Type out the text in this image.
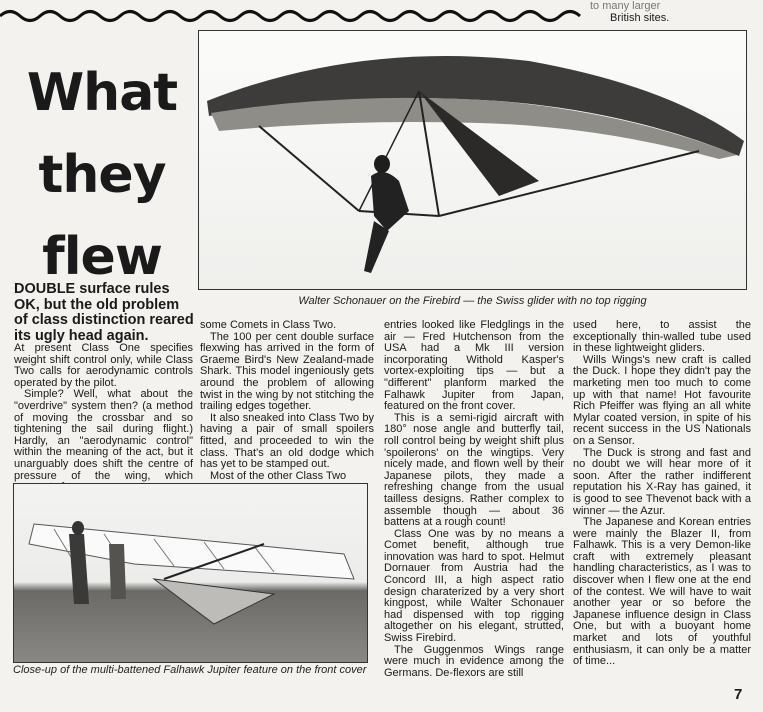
to many larger
British sites.
What
they
flew
Walter Schonauer on the Firebird — the Swiss glider with no top rigging
DOUBLE surface rules OK, but the old problem of class distinction reared its ugly head again.

At present Class One specifies weight shift control only, while Class Two calls for aerodynamic controls operated by the pilot.

Simple? Well, what about the "overdrive" system then? (a method of moving the crossbar and so tightening the sail during flight.) Hardly, an "aerodynamic control" within the meaning of the act, but it unarguably does shift the centre of pressure of the wing, which

some Comets in Class Two.

The 100 per cent double surface flexwing has arrived in the form of Graeme Bird's New Zealand-made Shark. This model ingeniously gets around the problem of allowing twist in the wing by not stitching the trailing edges together.

It also sneaked into Class Two by having a pair of small spoilers fitted, and proceeded to win the class. That's an old dodge which has yet to be stamped out.

Most of the other Class Two

entries looked like Fledglings in the air — Fred Hutchenson from the USA had a Mk III version incorporating Withold Kasper's vortex-exploiting tips — but a "different" planform marked the Falhawk Jupiter from Japan, featured on the front cover.

This is a semi-rigid aircraft with 180° nose angle and butterfly tail, roll control being by weight shift plus 'spoilerons' on the wingtips. Very nicely made, and flown well by their Japanese pilots, they made a refreshing change from the usual tailless designs. Rather complex to assemble though — about 36 battens at a rough count!

Class One was by no means a Comet benefit, although true innovation was hard to spot. Helmut Dornauer from Austria had the Concord III, a high aspect ratio design charaterized by a very short kingpost, while Walter Schonauer had dispensed with top rigging altogether on his elegant, strutted, Swiss Firebird.

The Guggenmos Wings range were much in evidence among the Germans. De-flexors are still

used here, to assist the exceptionally thin-walled tube used in these lightweight gliders.

Wills Wings's new craft is called the Duck. I hope they didn't pay the marketing men too much to come up with that name! Hot favourite Rich Pfeiffer was flying an all white Mylar coated version, in spite of his recent success in the US Nationals on a Sensor.

The Duck is strong and fast and no doubt we will hear more of it soon. After the rather indifferent reputation his X-Ray has gained, it is good to see Thevenot back with a winner — the Azur.

The Japanese and Korean entries were mainly the Blazer II, from Falhawk. This is a very Demon-like craft with extremely pleasant handling characteristics, as I was to discover when I flew one at the end of the contest. We will have to wait another year or so before the Japanese influence design in Class One, but with a buoyant home market and lots of youthful enthusiasm, it can only be a matter of time...

Close-up of the multi-battened Falhawk Jupiter feature on the front cover
7
